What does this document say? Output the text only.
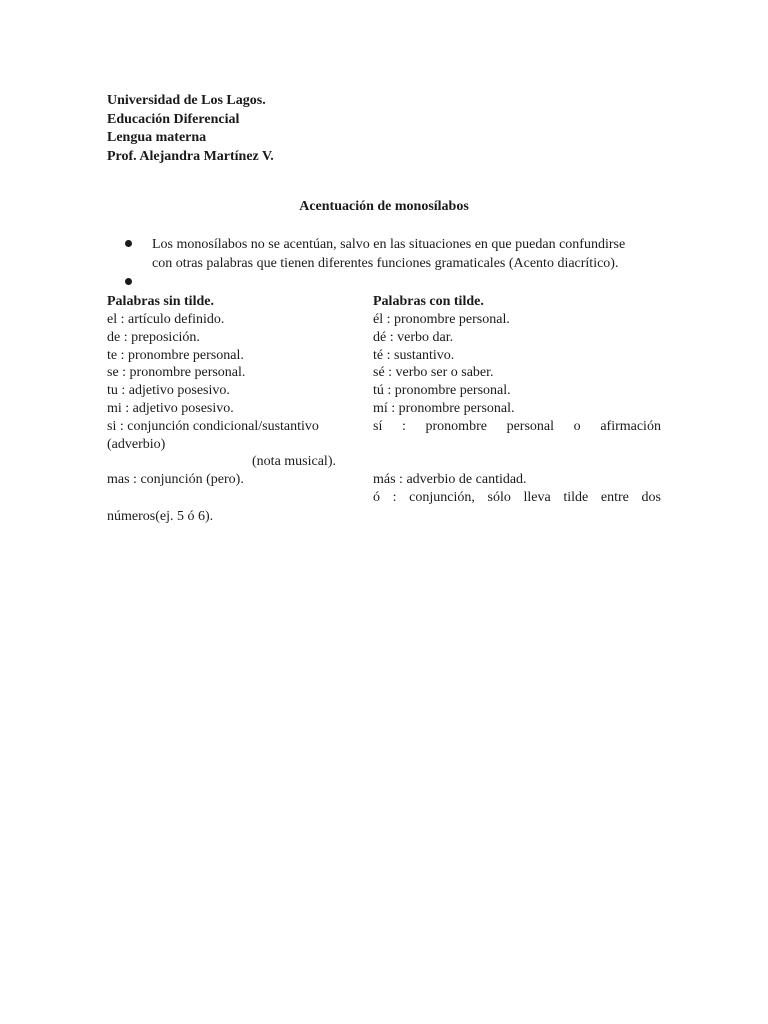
Universidad de Los Lagos.
Educación Diferencial
Lengua materna
Prof. Alejandra Martínez V.
Acentuación de monosílabos
Los monosílabos no se acentúan, salvo en las situaciones en que puedan confundirse
con otras palabras que tienen diferentes funciones gramaticales (Acento diacrítico).
Palabras sin tilde.
el : artículo definido.
de : preposición.
te : pronombre personal.
se : pronombre personal.
tu : adjetivo posesivo.
mi : adjetivo posesivo.
si : conjunción condicional/sustantivo
(adverbio)
(nota musical).
mas : conjunción (pero).
Palabras con tilde.
él : pronombre personal.
dé : verbo dar.
té : sustantivo.
sé : verbo ser o saber.
tú : pronombre personal.
mí : pronombre personal.
sí : pronombre personal o afirmación

más : adverbio de cantidad.
ó : conjunción, sólo lleva tilde entre dos
números(ej. 5 ó 6).
